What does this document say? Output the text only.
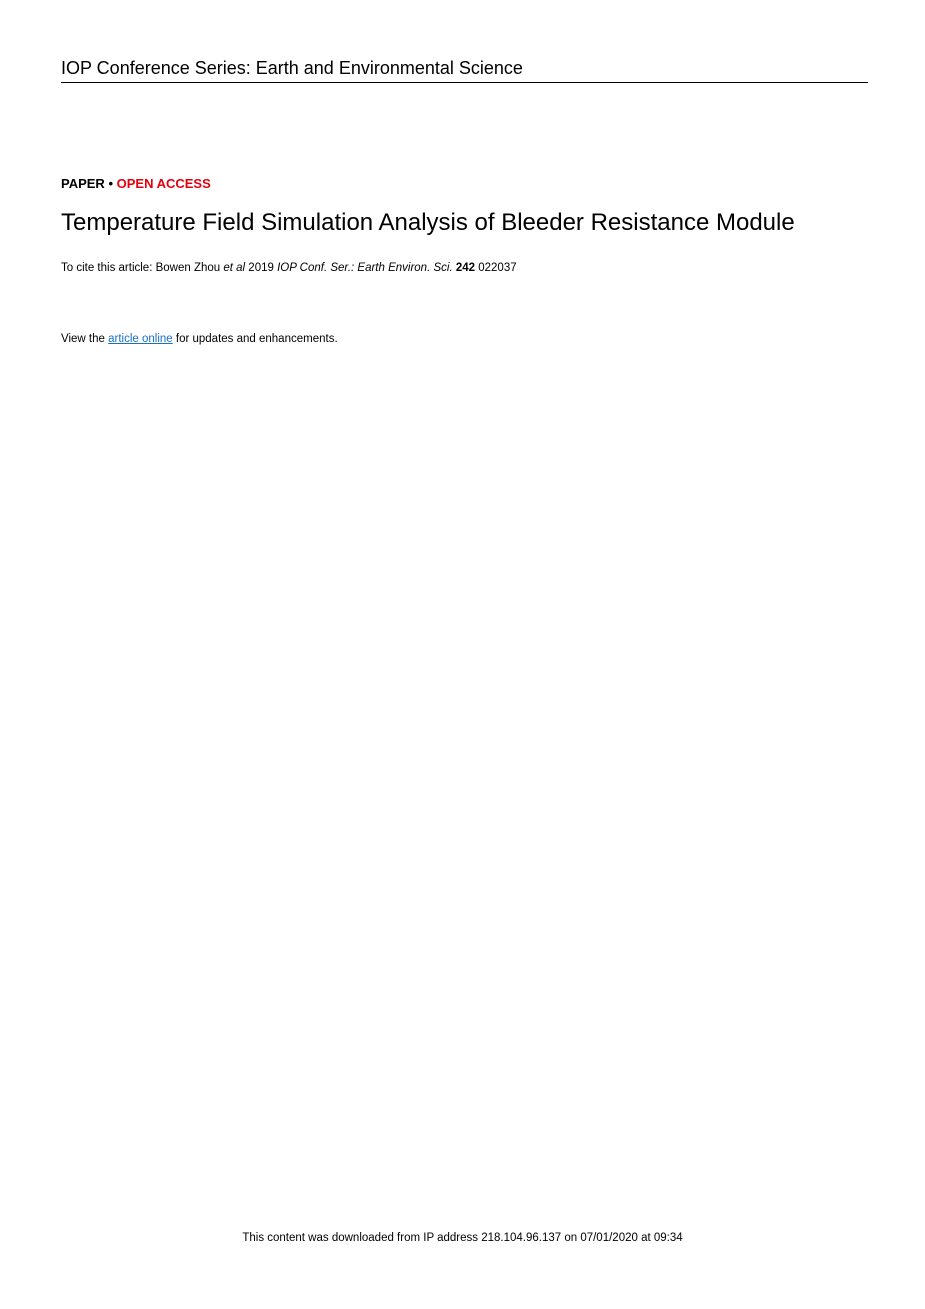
IOP Conference Series: Earth and Environmental Science
PAPER • OPEN ACCESS
Temperature Field Simulation Analysis of Bleeder Resistance Module
To cite this article: Bowen Zhou et al 2019 IOP Conf. Ser.: Earth Environ. Sci. 242 022037
View the article online for updates and enhancements.
This content was downloaded from IP address 218.104.96.137 on 07/01/2020 at 09:34
